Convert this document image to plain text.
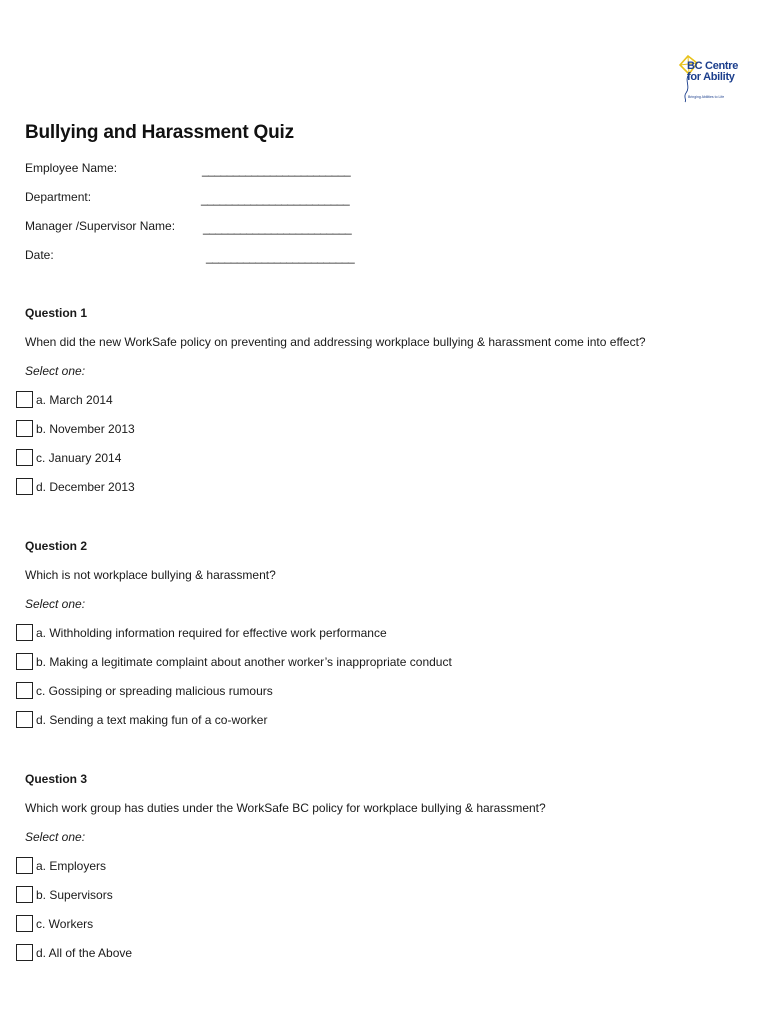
BC Centre
for Ability
Bringing Abilities to Life
Bullying and Harassment Quiz
Employee Name:	________________________
Department:	________________________
Manager /Supervisor Name: ________________________
Date:	________________________
Question 1
When did the new WorkSafe policy on preventing and addressing workplace bullying & harassment come into effect?
Select one:
a. March 2014
b. November 2013
c. January 2014
d. December 2013
Question 2
Which is not workplace bullying & harassment?
Select one:
a. Withholding information required for effective work performance
b. Making a legitimate complaint about another worker’s inappropriate conduct
c. Gossiping or spreading malicious rumours
d. Sending a text making fun of a co-worker
Question 3
Which work group has duties under the WorkSafe BC policy for workplace bullying & harassment?
Select one:
a. Employers
b. Supervisors
c. Workers
d. All of the Above
